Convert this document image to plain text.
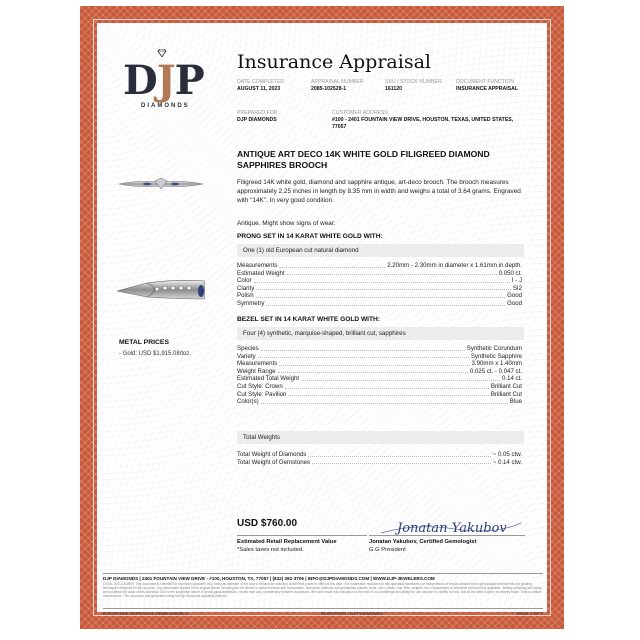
DJP
DIAMONDS
Insurance Appraisal
DATE COMPLETED
AUGUST 11, 2023
APPRAISAL NUMBER
2085-102528-1
SKU / STOCK NUMBER
161120
DOCUMENT FUNCTION
INSURANCE APPRAISAL
PREPARED FOR:
DJP DIAMONDS
CUSTOMER ADDRESS:
#100 - 2401 FOUNTAIN VIEW DRIVE, HOUSTON, TEXAS, UNITED STATES, 77057
ANTIQUE ART DECO 14K WHITE GOLD FILIGREED DIAMOND SAPPHIRES BROOCH
Filigreed 14K white gold, diamond and sapphire antique, art-deco brooch. The brooch measures approximately 2.25 inches in length by 8.35 mm in width and weighs a total of 3.64 grams. Engraved with "14K". In very good condition.
Antique. Might show signs of wear.
PRONG SET IN 14 KARAT WHITE GOLD WITH:
One (1) old European cut natural diamond
Measurements	2.20mm - 2.30mm in diameter x 1.61mm in depth.
Estimated Weight	0.050 ct.
Color	I - J
Clarity	SI2
Polish	Good
Symmetry	Good
BEZEL SET IN 14 KARAT WHITE GOLD WITH:
Four (4) synthetic, marquise-shaped, brilliant cut, sapphires
Species	Synthetic Corundum
Variety	Synthetic Sapphire
Measurements	3.90mm x 1.40mm
Weight Range	0.025 ct. - 0.047 ct.
Estimated Total Weight	0.14 ct.
Cut Style: Crown	Brilliant Cut
Cut Style: Pavilion	Brilliant Cut
Color(s)	Blue
Total Weights
Total Weight of Diamonds	~ 0.05 ctw.
Total Weight of Gemstones	~ 0.14 ctw.
METAL PRICES
- Gold: USD $1,915.08/toz.
USD $760.00
Estimated Retail Replacement Value
*Sales taxes not included.
Jonatan Yakubov
Jonatan Yakubov, Certified Gemologist
G.G President
DJP DIAMONDS | 2401 FOUNTAIN VIEW DRIVE - #100, HOUSTON, TX, 77057 | (832) 381-3706 | INFO@DJPDIAMONDS.COM | WWW.DJP-JEWELERS.COM
LEGAL DISCLAIMER: This document is intended for insurance purposes only, being an estimate of the cost to replace the article(s) at full retail prices in effect at this date. The information recorded on this appraisal represents our interpretation of results obtained from gemological instruments and grading techniques designed for this purpose. Any information applied to the original pieces including but not limited to metal structure and composition, diamonds, platinum and gemstones (values, sizes, color, clarity, cuts, fees, weights, etc.) replacement or otherwise will need this appraisal. Jewelry polishing and sizing will not affect the value of this appraisal. Due to the subjective nature of gemological appraisals, results may vary considerably between appraisers. We have made this evaluation to the best of our knowledge and ability but can assume no liability for loss. Not all the table is given for jewelry trade. Treat or artifact maintenance. This document was generated using the Djp Diamonds appraisal platform.
INSURANCE APPRAISAL #2085-102528-1	INVENTORY / DJP DIAMONDS	PAGE 2 OF 2
